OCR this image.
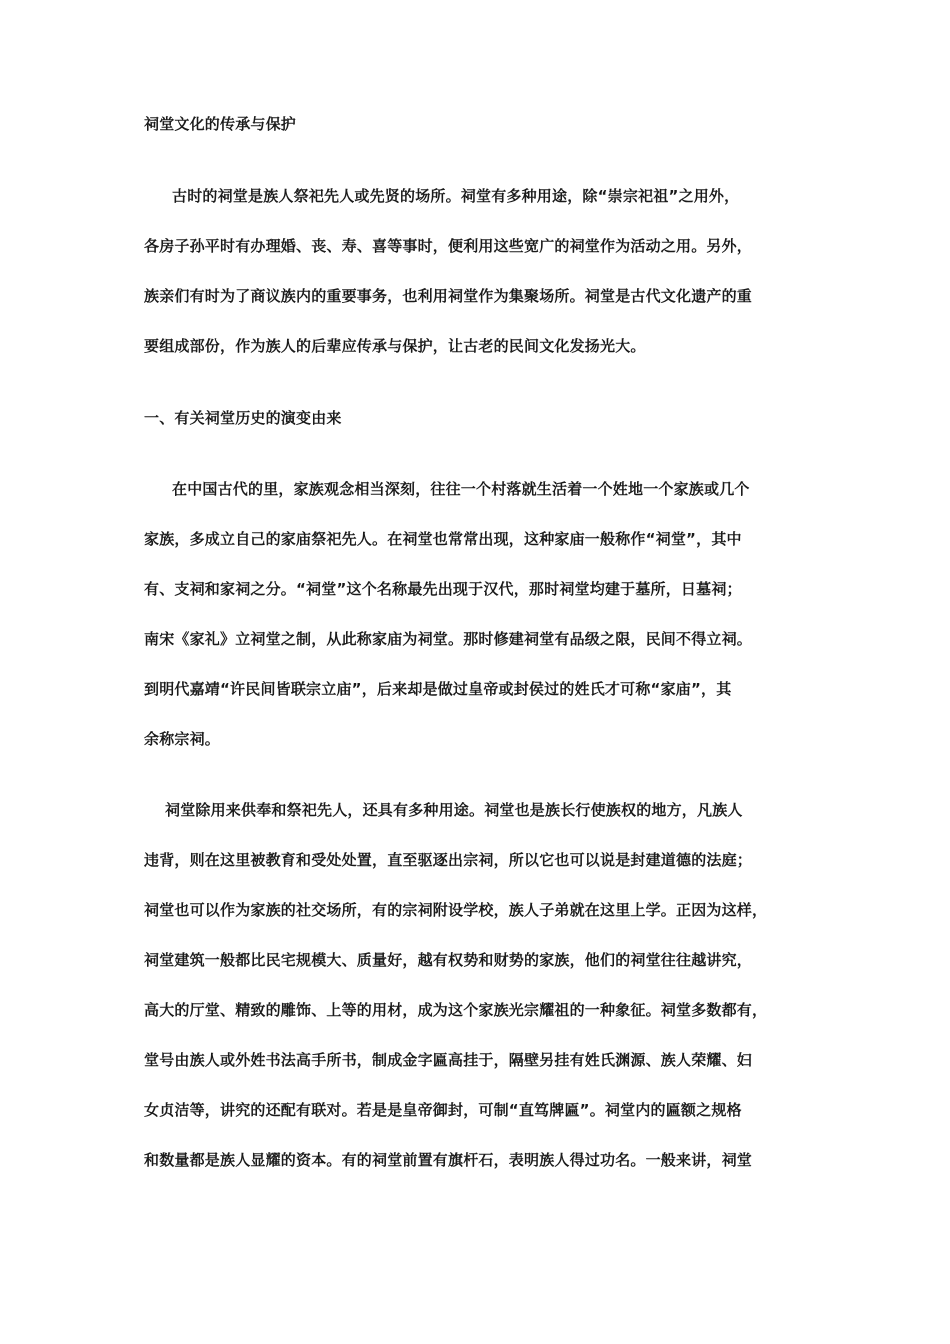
祠堂文化的传承与保护
古时的祠堂是族人祭祀先人或先贤的场所。祠堂有多种用途，除“崇宗祀祖”之用外，
各房子孙平时有办理婚、丧、寿、喜等事时，便利用这些宽广的祠堂作为活动之用。另外，
族亲们有时为了商议族内的重要事务，也利用祠堂作为集聚场所。祠堂是古代文化遗产的重
要组成部份，作为族人的后辈应传承与保护，让古老的民间文化发扬光大。
一、有关祠堂历史的演变由来
在中国古代的里，家族观念相当深刻，往往一个村落就生活着一个姓地一个家族或几个
家族，多成立自己的家庙祭祀先人。在祠堂也常常出现，这种家庙一般称作“祠堂”，其中
有、支祠和家祠之分。“祠堂”这个名称最先出现于汉代，那时祠堂均建于墓所，日墓祠；
南宋《家礼》立祠堂之制，从此称家庙为祠堂。那时修建祠堂有品级之限，民间不得立祠。
到明代嘉靖“许民间皆联宗立庙”，后来却是做过皇帝或封侯过的姓氏才可称“家庙”，其
余称宗祠。
祠堂除用来供奉和祭祀先人，还具有多种用途。祠堂也是族长行使族权的地方，凡族人
违背，则在这里被教育和受处处置，直至驱逐出宗祠，所以它也可以说是封建道德的法庭；
祠堂也可以作为家族的社交场所，有的宗祠附设学校，族人子弟就在这里上学。正因为这样，
祠堂建筑一般都比民宅规模大、质量好，越有权势和财势的家族，他们的祠堂往往越讲究，
高大的厅堂、精致的雕饰、上等的用材，成为这个家族光宗耀祖的一种象征。祠堂多数都有，
堂号由族人或外姓书法高手所书，制成金字匾高挂于，隔壁另挂有姓氏渊源、族人荣耀、妇
女贞洁等，讲究的还配有联对。若是是皇帝御封，可制“直笃牌匾”。祠堂内的匾额之规格
和数量都是族人显耀的资本。有的祠堂前置有旗杆石，表明族人得过功名。一般来讲，祠堂
